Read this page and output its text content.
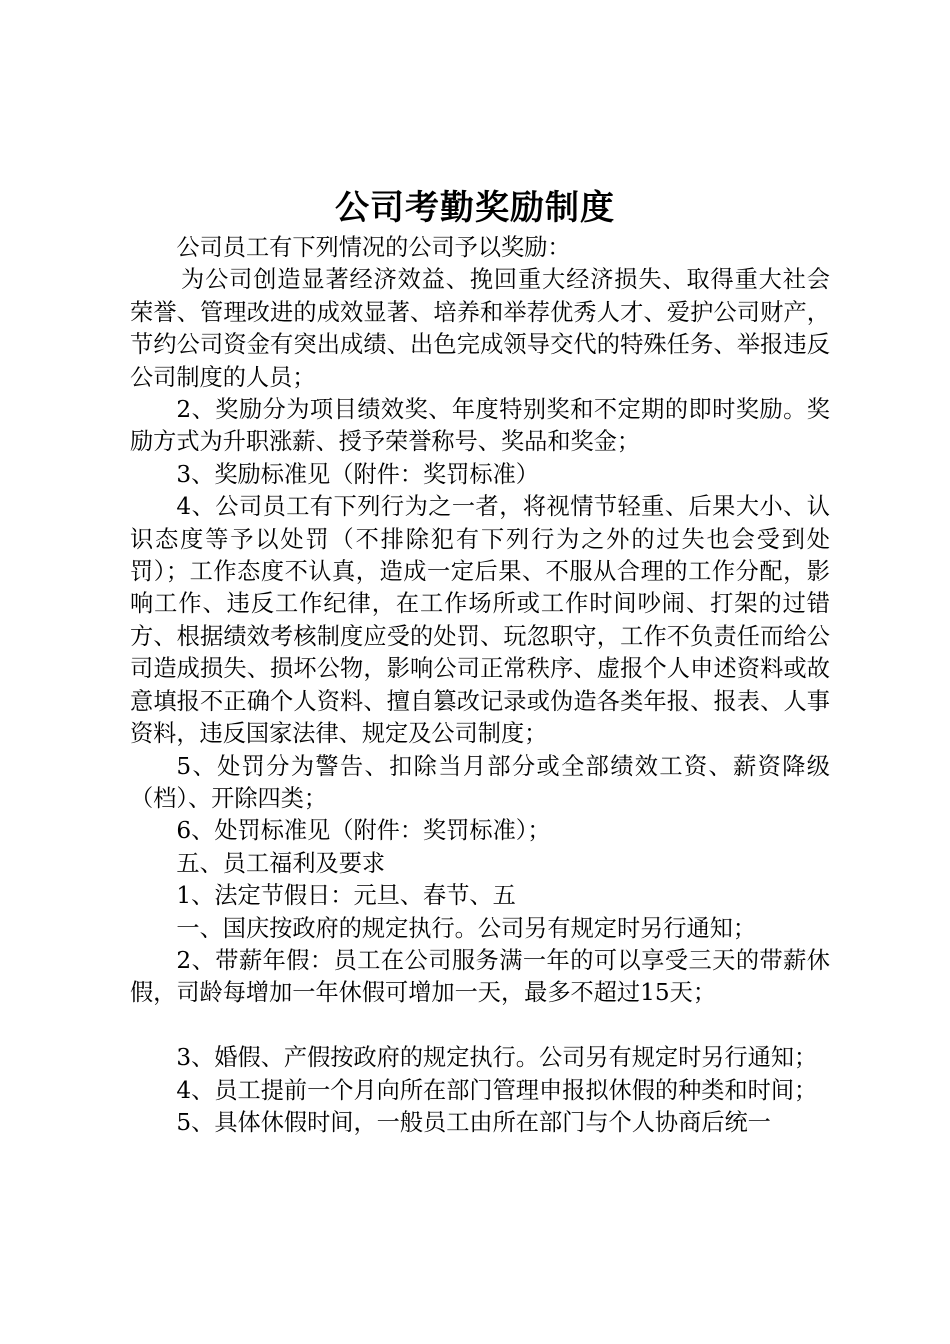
公司考勤奖励制度

公司员工有下列情况的公司予以奖励：

为公司创造显著经济效益、挽回重大经济损失、取得重大社会荣誉、管理改进的成效显著、培养和举荐优秀人才、爱护公司财产，节约公司资金有突出成绩、出色完成领导交代的特殊任务、举报违反公司制度的人员；

2、奖励分为项目绩效奖、年度特别奖和不定期的即时奖励。奖励方式为升职涨薪、授予荣誉称号、奖品和奖金；

3、奖励标准见（附件：奖罚标准）

4、公司员工有下列行为之一者，将视情节轻重、后果大小、认识态度等予以处罚（不排除犯有下列行为之外的过失也会受到处罚）；工作态度不认真，造成一定后果、不服从合理的工作分配，影响工作、违反工作纪律，在工作场所或工作时间吵闹、打架的过错方、根据绩效考核制度应受的处罚、玩忽职守，工作不负责任而给公司造成损失、损坏公物，影响公司正常秩序、虚报个人申述资料或故意填报不正确个人资料、擅自篡改记录或伪造各类年报、报表、人事资料，违反国家法律、规定及公司制度；

5、处罚分为警告、扣除当月部分或全部绩效工资、薪资降级（档）、开除四类；

6、处罚标准见（附件：奖罚标准）；

五、员工福利及要求

1、法定节假日：元旦、春节、五

一、国庆按政府的规定执行。公司另有规定时另行通知；

2、带薪年假：员工在公司服务满一年的可以享受三天的带薪休假，司龄每增加一年休假可增加一天，最多不超过15天；

3、婚假、产假按政府的规定执行。公司另有规定时另行通知；

4、员工提前一个月向所在部门管理申报拟休假的种类和时间；

5、具体休假时间，一般员工由所在部门与个人协商后统一
